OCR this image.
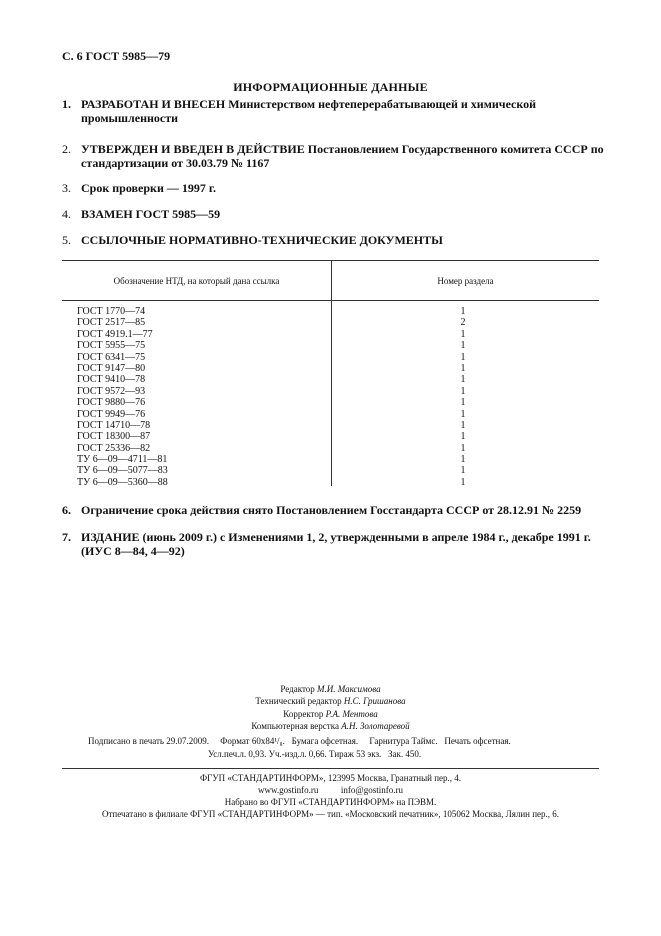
С. 6 ГОСТ 5985—79
ИНФОРМАЦИОННЫЕ ДАННЫЕ
1. РАЗРАБОТАН И ВНЕСЕН Министерством нефтеперерабатывающей и химической промышленности
2. УТВЕРЖДЕН И ВВЕДЕН В ДЕЙСТВИЕ Постановлением Государственного комитета СССР по стандартизации от 30.03.79 № 1167
3. Срок проверки — 1997 г.
4. ВЗАМЕН ГОСТ 5985—59
5. ССЫЛОЧНЫЕ НОРМАТИВНО-ТЕХНИЧЕСКИЕ ДОКУМЕНТЫ
Обозначение НТД, на который дана ссылка	Номер раздела
ГОСТ 1770—74	1
ГОСТ 2517—85	2
ГОСТ 4919.1—77	1
ГОСТ 5955—75	1
ГОСТ 6341—75	1
ГОСТ 9147—80	1
ГОСТ 9410—78	1
ГОСТ 9572—93	1
ГОСТ 9880—76	1
ГОСТ 9949—76	1
ГОСТ 14710—78	1
ГОСТ 18300—87	1
ГОСТ 25336—82	1
ТУ 6—09—4711—81	1
ТУ 6—09—5077—83	1
ТУ 6—09—5360—88	1
6. Ограничение срока действия снято Постановлением Госстандарта СССР от 28.12.91 № 2259
7. ИЗДАНИЕ (июнь 2009 г.) с Изменениями 1, 2, утвержденными в апреле 1984 г., декабре 1991 г. (ИУС 8—84, 4—92)
Редактор М.И. Максимова
Технический редактор Н.С. Гришанова
Корректор Р.А. Ментова
Компьютерная верстка А.Н. Золотаревой
Подписано в печать 29.07.2009.     Формат 60x84¹/₈.   Бумага офсетная.     Гарнитура Таймс.   Печать офсетная.
Усл.печ.л. 0,93. Уч.-изд.л. 0,66. Тираж 53 экз.   Зак. 450.
ФГУП «СТАНДАРТИНФОРМ», 123995 Москва, Гранатный пер., 4.
www.gostinfo.ru          info@gostinfo.ru
Набрано во ФГУП «СТАНДАРТИНФОРМ» на ПЭВМ.
Отпечатано в филиале ФГУП «СТАНДАРТИНФОРМ» — тип. «Московский печатник», 105062 Москва, Лялин пер., 6.
